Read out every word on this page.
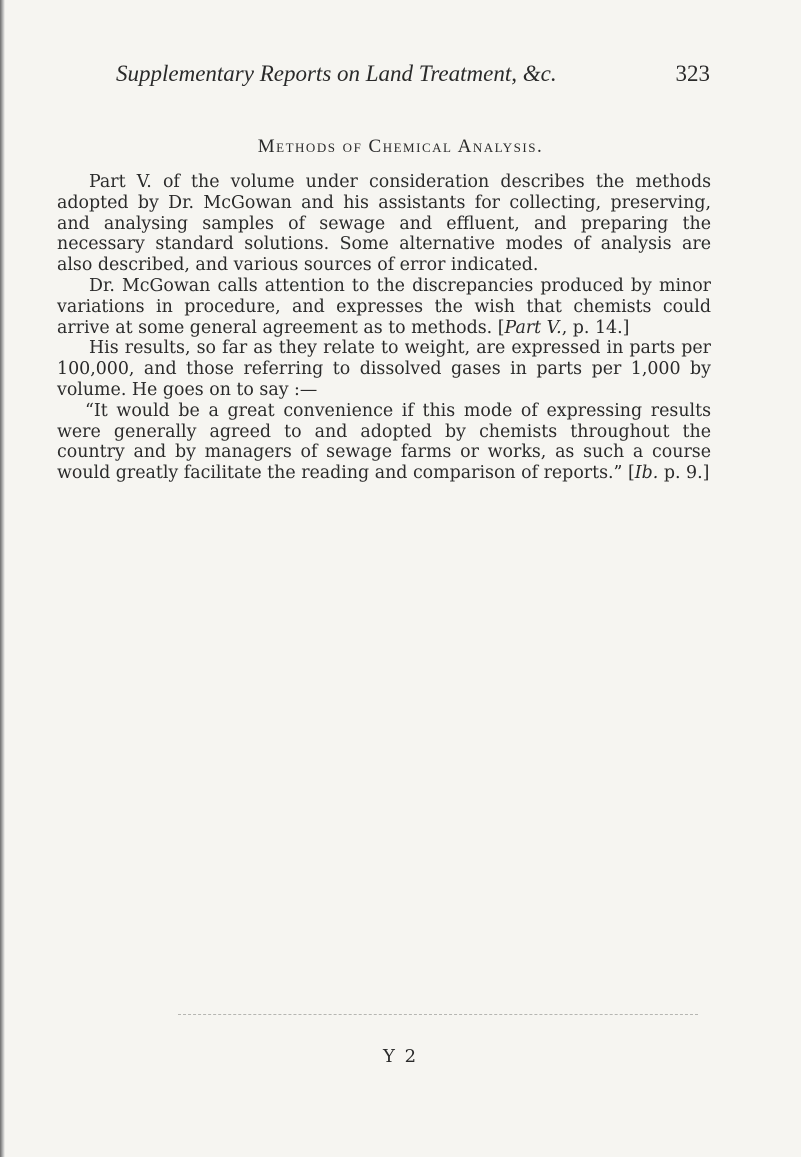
Supplementary Reports on Land Treatment, &c.	323
Methods of Chemical Analysis.

Part V. of the volume under consideration describes the methods adopted by Dr. McGowan and his assistants for collecting, preserving, and analysing samples of sewage and effluent, and preparing the necessary standard solutions. Some alternative modes of analysis are also described, and various sources of error indicated.

Dr. McGowan calls attention to the discrepancies produced by minor variations in procedure, and expresses the wish that chemists could arrive at some general agreement as to methods. [Part V., p. 14.]

His results, so far as they relate to weight, are expressed in parts per 100,000, and those referring to dissolved gases in parts per 1,000 by volume. He goes on to say :—

“It would be a great convenience if this mode of expressing results were generally agreed to and adopted by chemists throughout the country and by managers of sewage farms or works, as such a course would greatly facilitate the reading and comparison of reports.” [Ib. p. 9.]

Y 2
